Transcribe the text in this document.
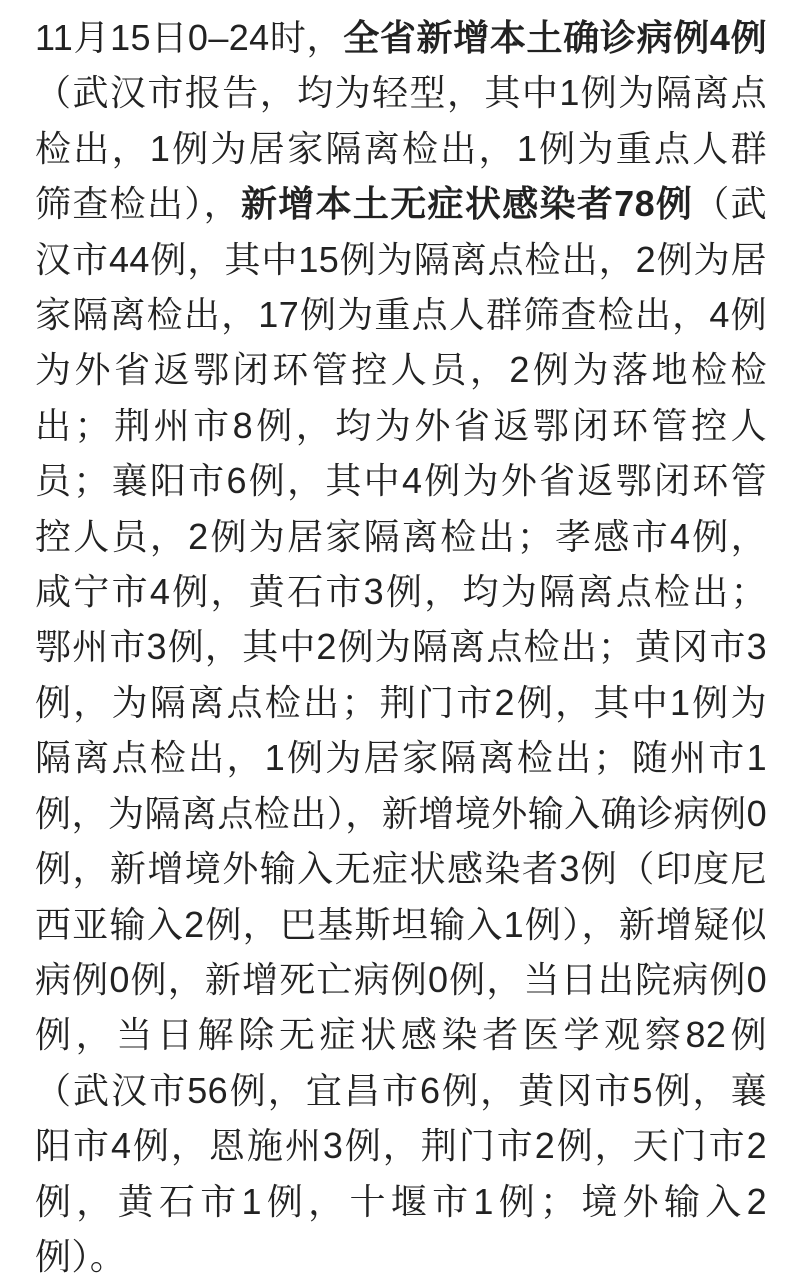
11月15日0–24时，全省新增本土确诊病例4例（武汉市报告，均为轻型，其中1例为隔离点检出，1例为居家隔离检出，1例为重点人群筛查检出），新增本土无症状感染者78例（武汉市44例，其中15例为隔离点检出，2例为居家隔离检出，17例为重点人群筛查检出，4例为外省返鄂闭环管控人员，2例为落地检检出；荆州市8例，均为外省返鄂闭环管控人员；襄阳市6例，其中4例为外省返鄂闭环管控人员，2例为居家隔离检出；孝感市4例，咸宁市4例，黄石市3例，均为隔离点检出；鄂州市3例，其中2例为隔离点检出；黄冈市3例，为隔离点检出；荆门市2例，其中1例为隔离点检出，1例为居家隔离检出；随州市1例，为隔离点检出），新增境外输入确诊病例0例，新增境外输入无症状感染者3例（印度尼西亚输入2例，巴基斯坦输入1例），新增疑似病例0例，新增死亡病例0例，当日出院病例0例，当日解除无症状感染者医学观察82例（武汉市56例，宜昌市6例，黄冈市5例，襄阳市4例，恩施州3例，荆门市2例，天门市2例，黄石市1例，十堰市1例；境外输入2例）。
